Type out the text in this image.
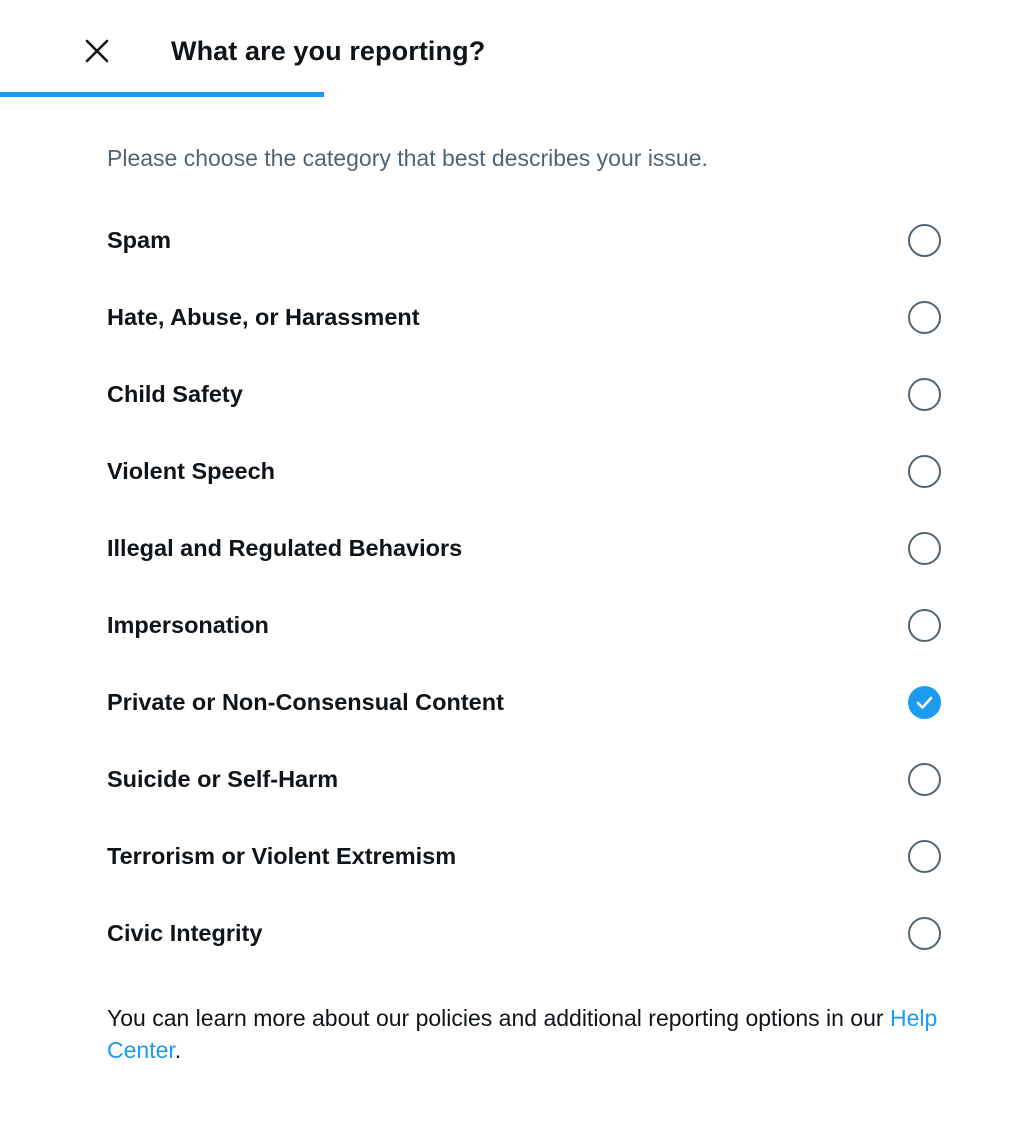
What are you reporting?
Please choose the category that best describes your issue.
Spam
Hate, Abuse, or Harassment
Child Safety
Violent Speech
Illegal and Regulated Behaviors
Impersonation
Private or Non-Consensual Content
Suicide or Self-Harm
Terrorism or Violent Extremism
Civic Integrity
You can learn more about our policies and additional reporting options in our Help Center.
